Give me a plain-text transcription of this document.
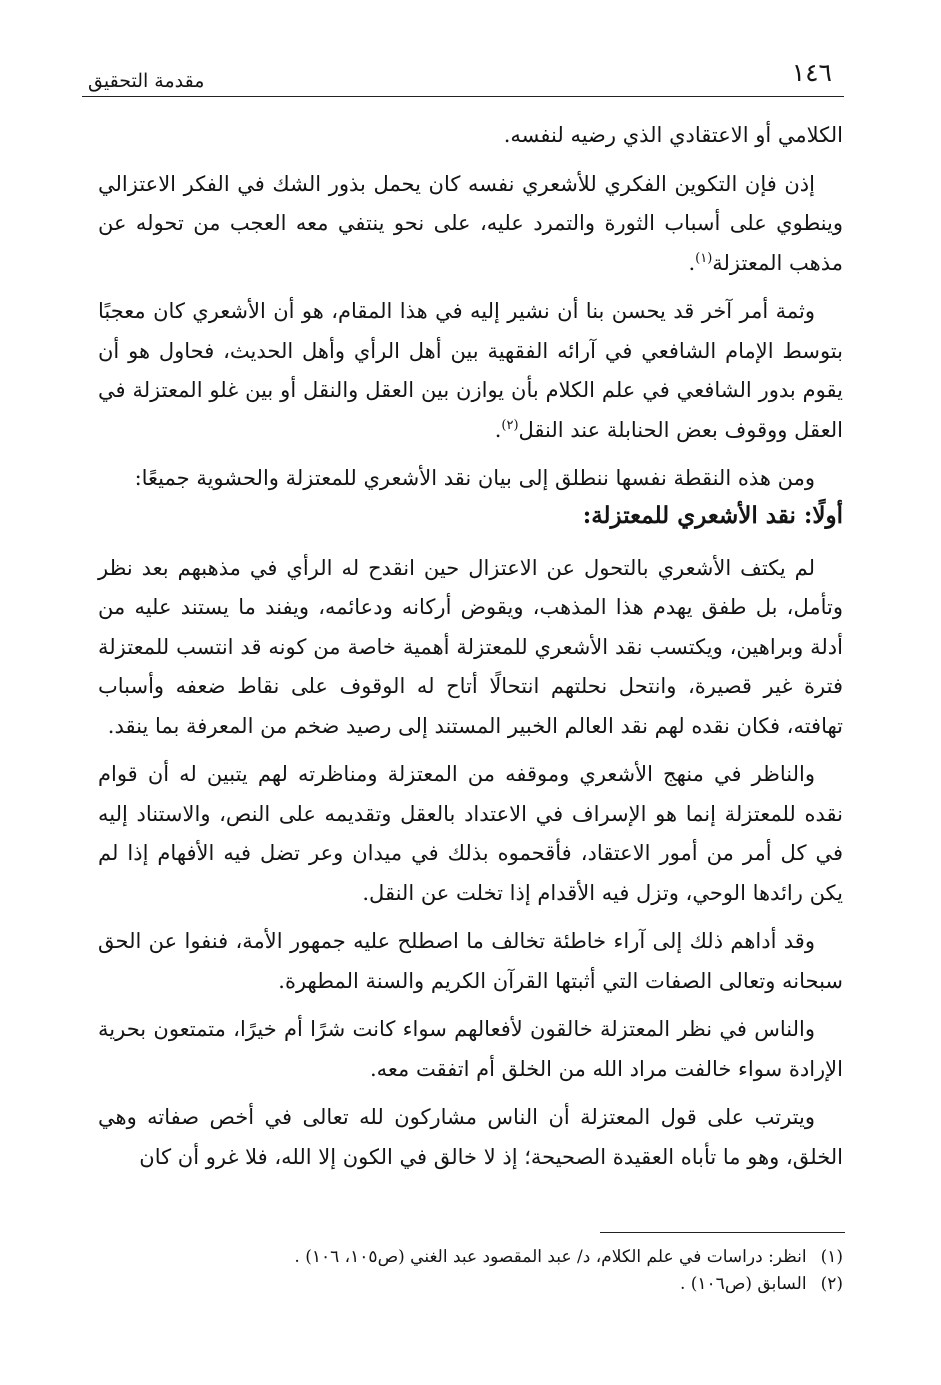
١٤٦
مقدمة التحقيق

الكلامي أو الاعتقادي الذي رضيه لنفسه.

إذن فإن التكوين الفكري للأشعري نفسه كان يحمل بذور الشك في الفكر الاعتزالي وينطوي على أسباب الثورة والتمرد عليه، على نحو ينتفي معه العجب من تحوله عن مذهب المعتزلة$^{(١)}$.

وثمة أمر آخر قد يحسن بنا أن نشير إليه في هذا المقام، هو أن الأشعري كان معجبًا بتوسط الإمام الشافعي في آرائه الفقهية بين أهل الرأي وأهل الحديث، فحاول هو أن يقوم بدور الشافعي في علم الكلام بأن يوازن بين العقل والنقل أو بين غلو المعتزلة في العقل ووقوف بعض الحنابلة عند النقل$^{(٢)}$.

ومن هذه النقطة نفسها ننطلق إلى بيان نقد الأشعري للمعتزلة والحشوية جميعًا:

أولًا: نقد الأشعري للمعتزلة:

لم يكتف الأشعري بالتحول عن الاعتزال حين انقدح له الرأي في مذهبهم بعد نظر وتأمل، بل طفق يهدم هذا المذهب، ويقوض أركانه ودعائمه، ويفند ما يستند عليه من أدلة وبراهين، ويكتسب نقد الأشعري للمعتزلة أهمية خاصة من كونه قد انتسب للمعتزلة فترة غير قصيرة، وانتحل نحلتهم انتحالًا أتاح له الوقوف على نقاط ضعفه وأسباب تهافته، فكان نقده لهم نقد العالم الخبير المستند إلى رصيد ضخم من المعرفة بما ينقد.

والناظر في منهج الأشعري وموقفه من المعتزلة ومناظرته لهم يتبين له أن قوام نقده للمعتزلة إنما هو الإسراف في الاعتداد بالعقل وتقديمه على النص، والاستناد إليه في كل أمر من أمور الاعتقاد، فأقحموه بذلك في ميدان وعر تضل فيه الأفهام إذا لم يكن رائدها الوحي، وتزل فيه الأقدام إذا تخلت عن النقل.

وقد أداهم ذلك إلى آراء خاطئة تخالف ما اصطلح عليه جمهور الأمة، فنفوا عن الحق سبحانه وتعالى الصفات التي أثبتها القرآن الكريم والسنة المطهرة.

والناس في نظر المعتزلة خالقون لأفعالهم سواء كانت شرًا أم خيرًا، متمتعون بحرية الإرادة سواء خالفت مراد الله من الخلق أم اتفقت معه.

ويترتب على قول المعتزلة أن الناس مشاركون لله تعالى في أخص صفاته وهي الخلق، وهو ما تأباه العقيدة الصحيحة؛ إذ لا خالق في الكون إلا الله، فلا غرو أن كان

(١)انظر: دراسات في علم الكلام، د/ عبد المقصود عبد الغني (ص١٠٥، ١٠٦) .

(٢)السابق (ص١٠٦) .
